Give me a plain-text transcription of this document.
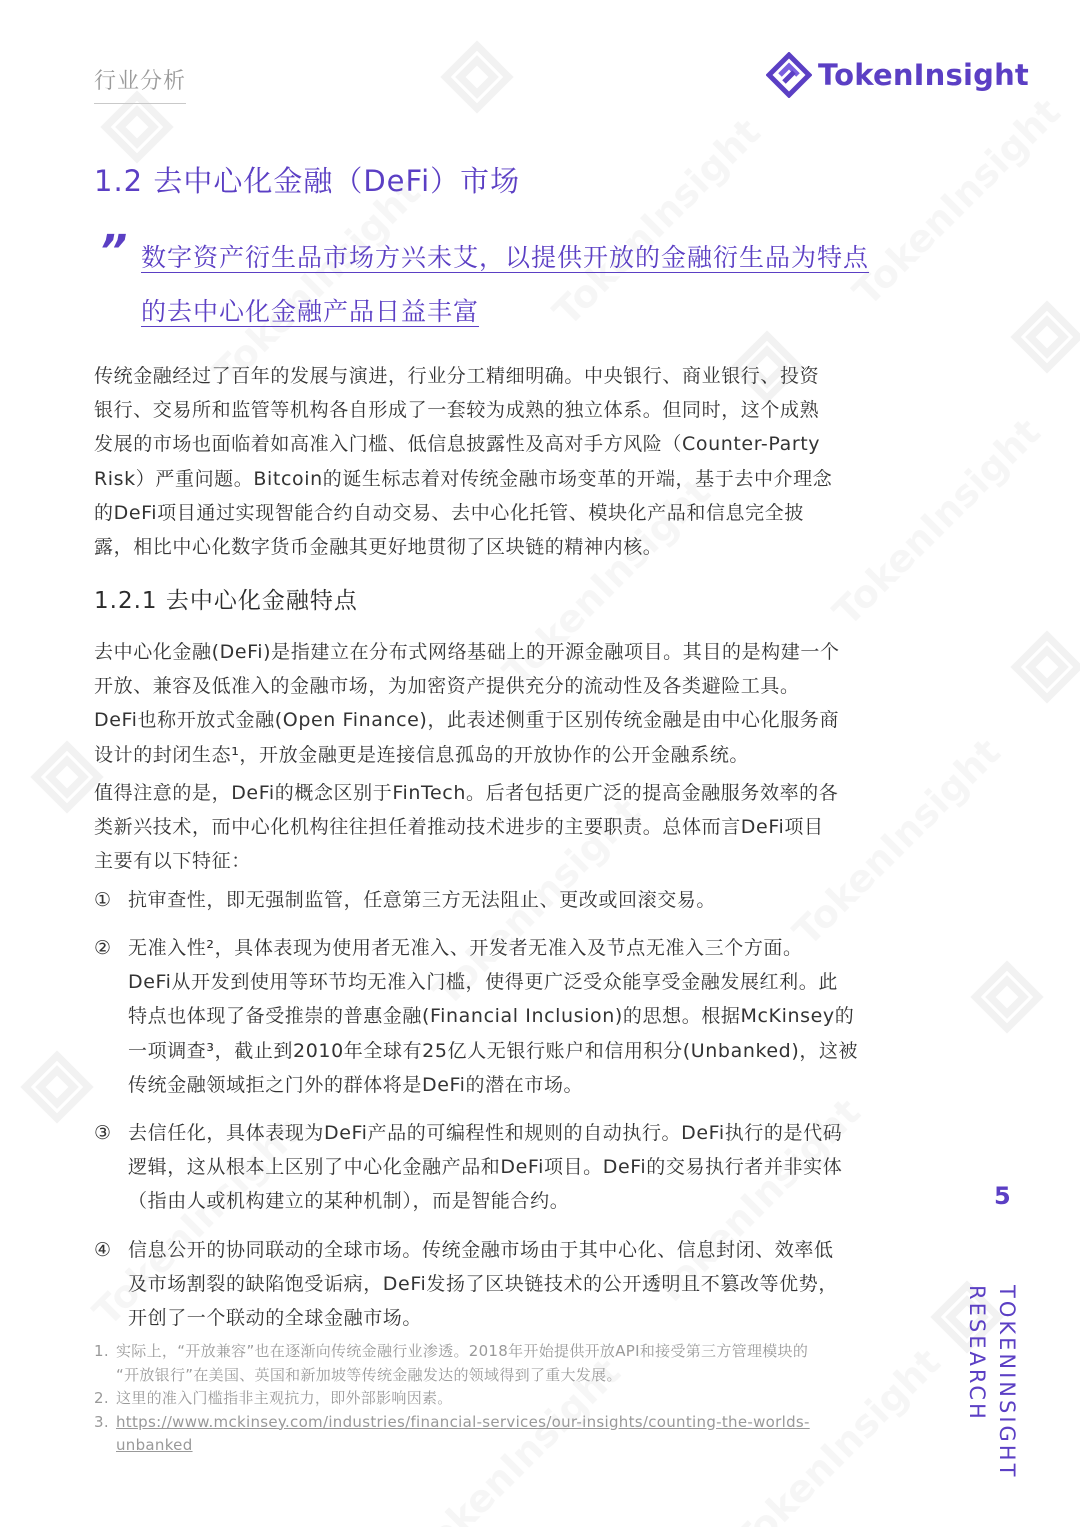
行业分析	TokenInsight
1.2 去中心化金融（DeFi）市场
” 数字资产衍生品市场方兴未艾，以提供开放的金融衍生品为特点
的去中心化金融产品日益丰富
传统金融经过了百年的发展与演进，行业分工精细明确。中央银行、商业银行、投资
银行、交易所和监管等机构各自形成了一套较为成熟的独立体系。但同时，这个成熟
发展的市场也面临着如高准入门槛、低信息披露性及高对手方风险（Counter-Party
Risk）严重问题。Bitcoin的诞生标志着对传统金融市场变革的开端，基于去中介理念
的DeFi项目通过实现智能合约自动交易、去中心化托管、模块化产品和信息完全披
露，相比中心化数字货币金融其更好地贯彻了区块链的精神内核。
1.2.1 去中心化金融特点
去中心化金融(DeFi)是指建立在分布式网络基础上的开源金融项目。其目的是构建一个
开放、兼容及低准入的金融市场，为加密资产提供充分的流动性及各类避险工具。
DeFi也称开放式金融(Open Finance)，此表述侧重于区别传统金融是由中心化服务商
设计的封闭生态¹，开放金融更是连接信息孤岛的开放协作的公开金融系统。
值得注意的是，DeFi的概念区别于FinTech。后者包括更广泛的提高金融服务效率的各
类新兴技术，而中心化机构往往担任着推动技术进步的主要职责。总体而言DeFi项目
主要有以下特征：
① 抗审查性，即无强制监管，任意第三方无法阻止、更改或回滚交易。
② 无准入性²，具体表现为使用者无准入、开发者无准入及节点无准入三个方面。
DeFi从开发到使用等环节均无准入门槛，使得更广泛受众能享受金融发展红利。此
特点也体现了备受推崇的普惠金融(Financial Inclusion)的思想。根据McKinsey的
一项调查³，截止到2010年全球有25亿人无银行账户和信用积分(Unbanked)，这被
传统金融领域拒之门外的群体将是DeFi的潜在市场。
③ 去信任化，具体表现为DeFi产品的可编程性和规则的自动执行。DeFi执行的是代码
逻辑，这从根本上区别了中心化金融产品和DeFi项目。DeFi的交易执行者并非实体
（指由人或机构建立的某种机制），而是智能合约。
④ 信息公开的协同联动的全球市场。传统金融市场由于其中心化、信息封闭、效率低
及市场割裂的缺陷饱受诟病，DeFi发扬了区块链技术的公开透明且不篡改等优势，
开创了一个联动的全球金融市场。
1. 实际上，“开放兼容”也在逐渐向传统金融行业渗透。2018年开始提供开放API和接受第三方管理模块的
“开放银行”在美国、英国和新加坡等传统金融发达的领域得到了重大发展。
2. 这里的准入门槛指非主观抗力，即外部影响因素。
3. https://www.mckinsey.com/industries/financial-services/our-insights/counting-the-worlds-
unbanked
5
TOKENINSIGHT RESEARCH
